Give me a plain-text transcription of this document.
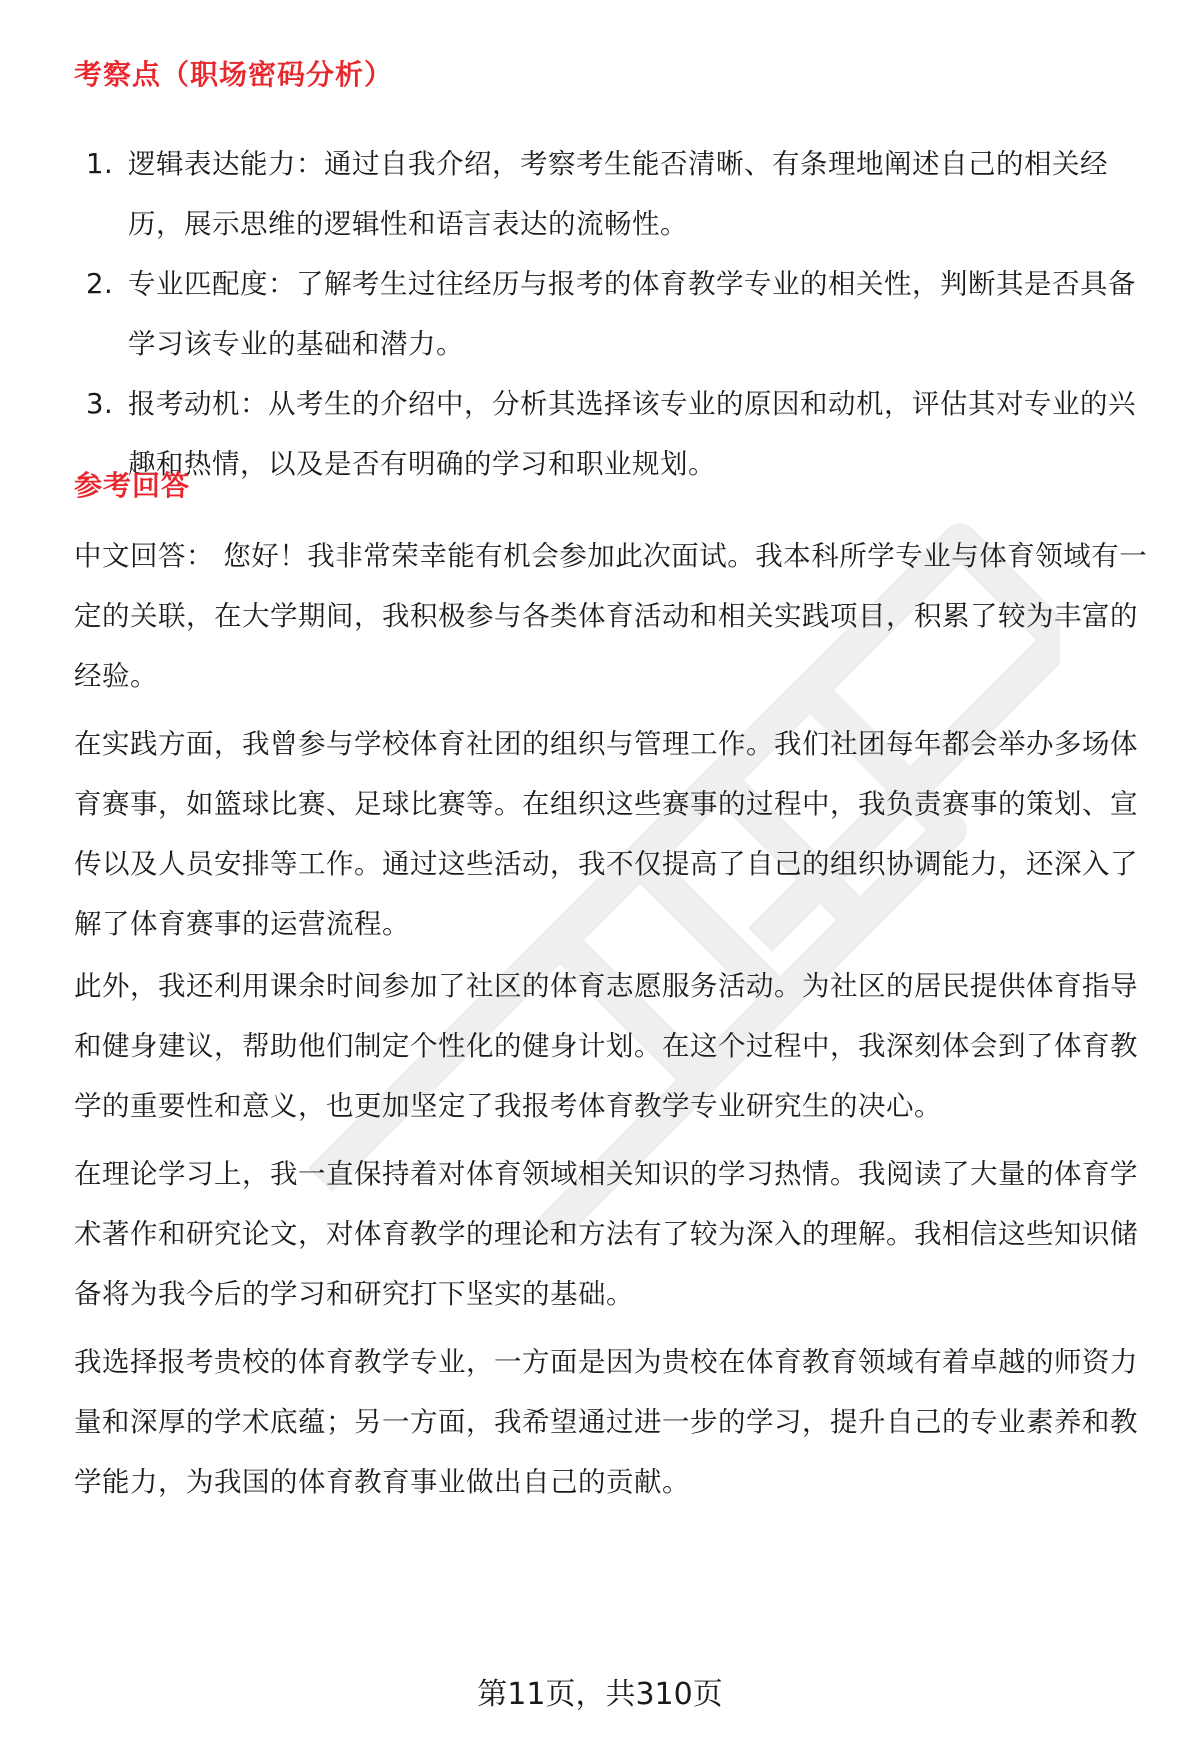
考察点（职场密码分析）
1. 逻辑表达能力：通过自我介绍，考察考生能否清晰、有条理地阐述自己的相关经历，展示思维的逻辑性和语言表达的流畅性。
2. 专业匹配度：了解考生过往经历与报考的体育教学专业的相关性，判断其是否具备学习该专业的基础和潜力。
3. 报考动机：从考生的介绍中，分析其选择该专业的原因和动机，评估其对专业的兴趣和热情，以及是否有明确的学习和职业规划。
参考回答

中文回答： 您好！我非常荣幸能有机会参加此次面试。我本科所学专业与体育领域有一定的关联，在大学期间，我积极参与各类体育活动和相关实践项目，积累了较为丰富的经验。

在实践方面，我曾参与学校体育社团的组织与管理工作。我们社团每年都会举办多场体育赛事，如篮球比赛、足球比赛等。在组织这些赛事的过程中，我负责赛事的策划、宣传以及人员安排等工作。通过这些活动，我不仅提高了自己的组织协调能力，还深入了解了体育赛事的运营流程。

此外，我还利用课余时间参加了社区的体育志愿服务活动。为社区的居民提供体育指导和健身建议，帮助他们制定个性化的健身计划。在这个过程中，我深刻体会到了体育教学的重要性和意义，也更加坚定了我报考体育教学专业研究生的决心。

在理论学习上，我一直保持着对体育领域相关知识的学习热情。我阅读了大量的体育学术著作和研究论文，对体育教学的理论和方法有了较为深入的理解。我相信这些知识储备将为我今后的学习和研究打下坚实的基础。

我选择报考贵校的体育教学专业，一方面是因为贵校在体育教育领域有着卓越的师资力量和深厚的学术底蕴；另一方面，我希望通过进一步的学习，提升自己的专业素养和教学能力，为我国的体育教育事业做出自己的贡献。

第11页，共310页
